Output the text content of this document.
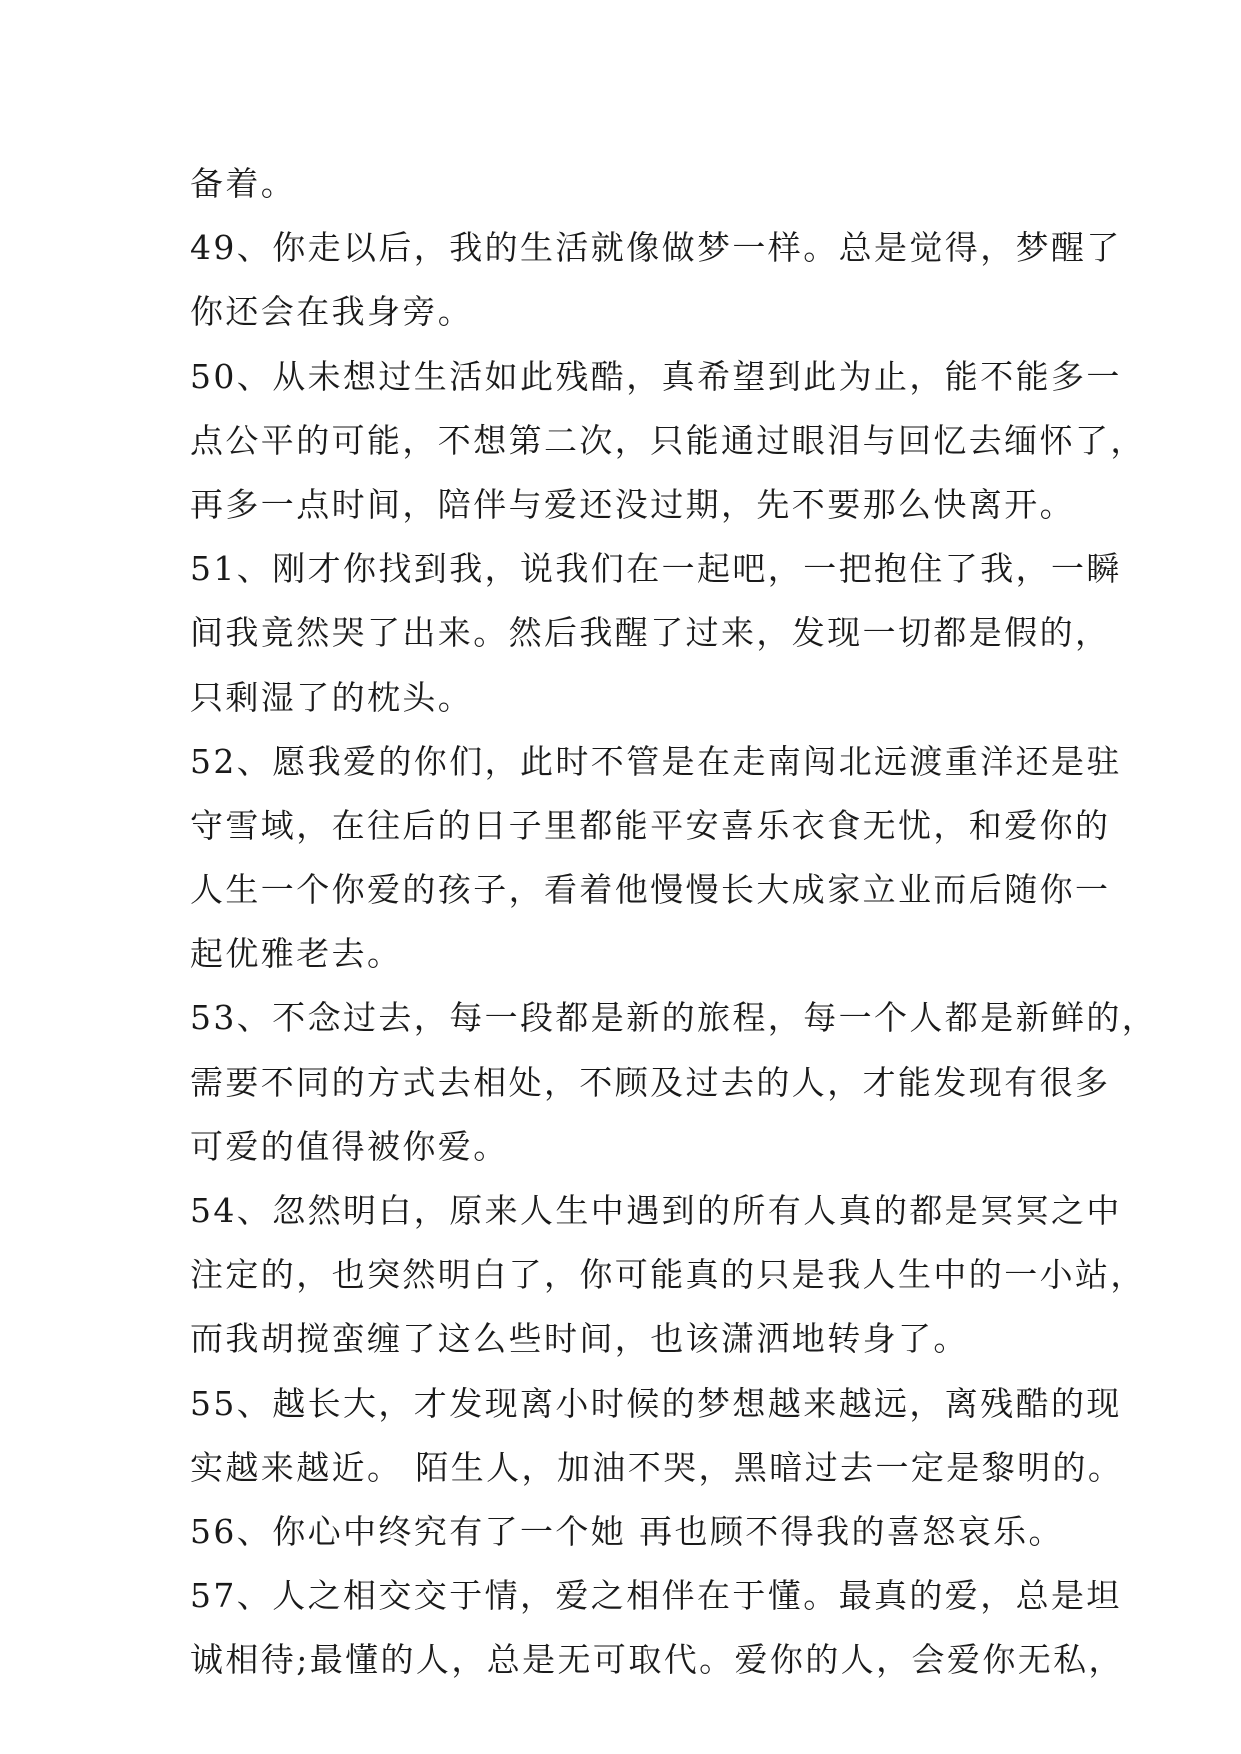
备着。
49、你走以后，我的生活就像做梦一样。总是觉得，梦醒了
你还会在我身旁。
50、从未想过生活如此残酷，真希望到此为止，能不能多一
点公平的可能，不想第二次，只能通过眼泪与回忆去缅怀了，
再多一点时间，陪伴与爱还没过期，先不要那么快离开。
51、刚才你找到我，说我们在一起吧，一把抱住了我，一瞬
间我竟然哭了出来。然后我醒了过来，发现一切都是假的，
只剩湿了的枕头。
52、愿我爱的你们，此时不管是在走南闯北远渡重洋还是驻
守雪域，在往后的日子里都能平安喜乐衣食无忧，和爱你的
人生一个你爱的孩子，看着他慢慢长大成家立业而后随你一
起优雅老去。
53、不念过去，每一段都是新的旅程，每一个人都是新鲜的，
需要不同的方式去相处，不顾及过去的人，才能发现有很多
可爱的值得被你爱。
54、忽然明白，原来人生中遇到的所有人真的都是冥冥之中
注定的，也突然明白了，你可能真的只是我人生中的一小站，
而我胡搅蛮缠了这么些时间，也该潇洒地转身了。
55、越长大，才发现离小时候的梦想越来越远，离残酷的现
实越来越近。 陌生人，加油不哭，黑暗过去一定是黎明的。
56、你心中终究有了一个她 再也顾不得我的喜怒哀乐。
57、人之相交交于情，爱之相伴在于懂。最真的爱，总是坦
诚相待;最懂的人，总是无可取代。爱你的人，会爱你无私，
